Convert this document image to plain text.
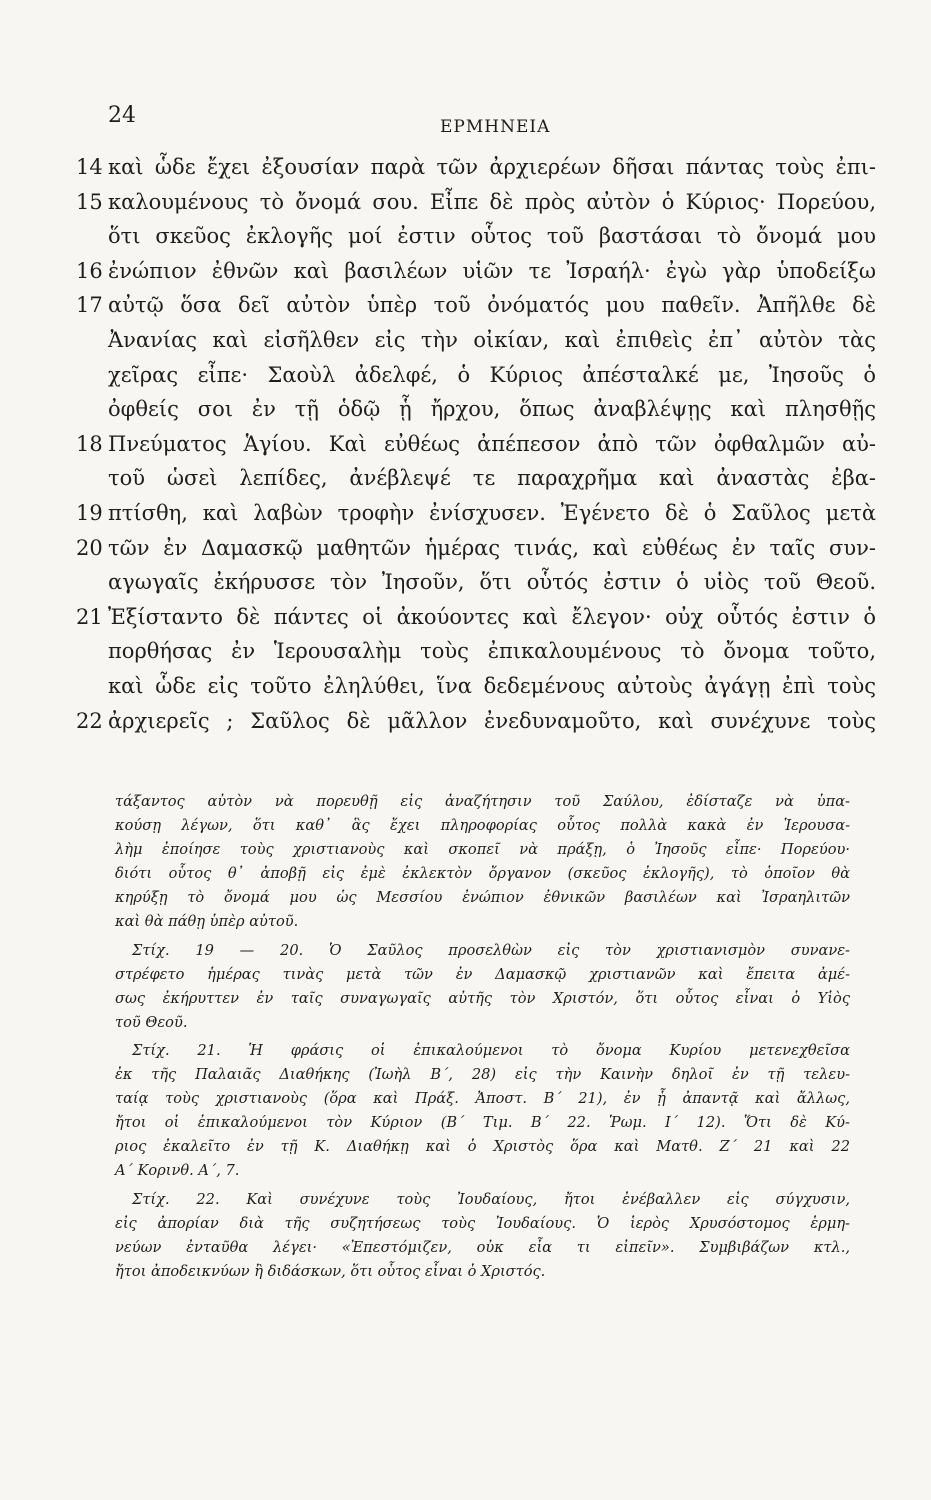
24	ΕΡΜΗΝΕΙΑ
14 καὶ ὧδε ἔχει ἐξουσίαν παρὰ τῶν ἀρχιερέων δῆσαι πάντας τοὺς ἐπι-
15 καλουμένους τὸ ὄνομά σου. Εἶπε δὲ πρὸς αὐτὸν ὁ Κύριος· Πορεύου,
ὅτι σκεῦος ἐκλογῆς μοί ἐστιν οὗτος τοῦ βαστάσαι τὸ ὄνομά μου
16 ἐνώπιον ἐθνῶν καὶ βασιλέων υἱῶν τε Ἰσραήλ· ἐγὼ γὰρ ὑποδείξω
17 αὐτῷ ὅσα δεῖ αὐτὸν ὑπὲρ τοῦ ὀνόματός μου παθεῖν. Ἀπῆλθε δὲ
Ἀνανίας καὶ εἰσῆλθεν εἰς τὴν οἰκίαν, καὶ ἐπιθεὶς ἐπ᾽ αὐτὸν τὰς
χεῖρας εἶπε· Σαοὺλ ἀδελφέ, ὁ Κύριος ἀπέσταλκέ με, Ἰησοῦς ὁ
ὀφθείς σοι ἐν τῇ ὁδῷ ᾗ ἤρχου, ὅπως ἀναβλέψῃς καὶ πλησθῇς
18 Πνεύματος Ἁγίου. Καὶ εὐθέως ἀπέπεσον ἀπὸ τῶν ὀφθαλμῶν αὐ-
τοῦ ὡσεὶ λεπίδες, ἀνέβλεψέ τε παραχρῆμα καὶ ἀναστὰς ἐβα-
19 πτίσθη, καὶ λαβὼν τροφὴν ἐνίσχυσεν. Ἐγένετο δὲ ὁ Σαῦλος μετὰ
20 τῶν ἐν Δαμασκῷ μαθητῶν ἡμέρας τινάς, καὶ εὐθέως ἐν ταῖς συν-
αγωγαῖς ἐκήρυσσε τὸν Ἰησοῦν, ὅτι οὗτός ἐστιν ὁ υἱὸς τοῦ Θεοῦ.
21 Ἐξίσταντο δὲ πάντες οἱ ἀκούοντες καὶ ἔλεγον· οὐχ οὗτός ἐστιν ὁ
πορθήσας ἐν Ἱερουσαλὴμ τοὺς ἐπικαλουμένους τὸ ὄνομα τοῦτο,
καὶ ὧδε εἰς τοῦτο ἐληλύθει, ἵνα δεδεμένους αὐτοὺς ἀγάγῃ ἐπὶ τοὺς
22 ἀρχιερεῖς ; Σαῦλος δὲ μᾶλλον ἐνεδυναμοῦτο, καὶ συνέχυνε τοὺς
τάξαντος αὐτὸν νὰ πορευθῇ εἰς ἀναζήτησιν τοῦ Σαύλου, ἐδίσταζε νὰ ὑπα-
κούσῃ λέγων, ὅτι καθ᾽ ἃς ἔχει πληροφορίας οὗτος πολλὰ κακὰ ἐν Ἱερουσα-
λὴμ ἐποίησε τοὺς χριστιανοὺς καὶ σκοπεῖ νὰ πράξῃ, ὁ Ἰησοῦς εἶπε· Πορεύου·
διότι οὗτος θ᾽ ἀποβῇ εἰς ἐμὲ ἐκλεκτὸν ὄργανον (σκεῦος ἐκλογῆς), τὸ ὁποῖον θὰ
κηρύξῃ τὸ ὄνομά μου ὡς Μεσσίου ἐνώπιον ἐθνικῶν βασιλέων καὶ Ἰσραηλιτῶν
καὶ θὰ πάθῃ ὑπὲρ αὐτοῦ.
Στίχ. 19 — 20. Ὁ Σαῦλος προσελθὼν εἰς τὸν χριστιανισμὸν συνανε-
στρέφετο ἡμέρας τινὰς μετὰ τῶν ἐν Δαμασκῷ χριστιανῶν καὶ ἔπειτα ἀμέ-
σως ἐκήρυττεν ἐν ταῖς συναγωγαῖς αὐτῆς τὸν Χριστόν, ὅτι οὗτος εἶναι ὁ Υἱὸς
τοῦ Θεοῦ.
Στίχ. 21. Ἡ φράσις οἱ ἐπικαλούμενοι τὸ ὄνομα Κυρίου μετενεχθεῖσα
ἐκ τῆς Παλαιᾶς Διαθήκης (Ἰωὴλ Β´, 28) εἰς τὴν Καινὴν δηλοῖ ἐν τῇ τελευ-
ταίᾳ τοὺς χριστιανοὺς (ὅρα καὶ Πράξ. Ἀποστ. Β´ 21), ἐν ᾗ ἀπαντᾷ καὶ ἄλλως,
ἤτοι οἱ ἐπικαλούμενοι τὸν Κύριον (Β´ Τιμ. Β´ 22. Ῥωμ. Ι´ 12). Ὅτι δὲ Κύ-
ριος ἐκαλεῖτο ἐν τῇ Κ. Διαθήκῃ καὶ ὁ Χριστὸς ὅρα καὶ Ματθ. Ζ´ 21 καὶ 22
Α´ Κορινθ. Α´, 7.
Στίχ. 22. Καὶ συνέχυνε τοὺς Ἰουδαίους, ἤτοι ἐνέβαλλεν εἰς σύγχυσιν,
εἰς ἀπορίαν διὰ τῆς συζητήσεως τοὺς Ἰουδαίους. Ὁ ἱερὸς Χρυσόστομος ἑρμη-
νεύων ἐνταῦθα λέγει· «Ἐπεστόμιζεν, οὐκ εἶα τι εἰπεῖν». Συμβιβάζων κτλ.,
ἤτοι ἀποδεικνύων ἢ διδάσκων, ὅτι οὗτος εἶναι ὁ Χριστός.
